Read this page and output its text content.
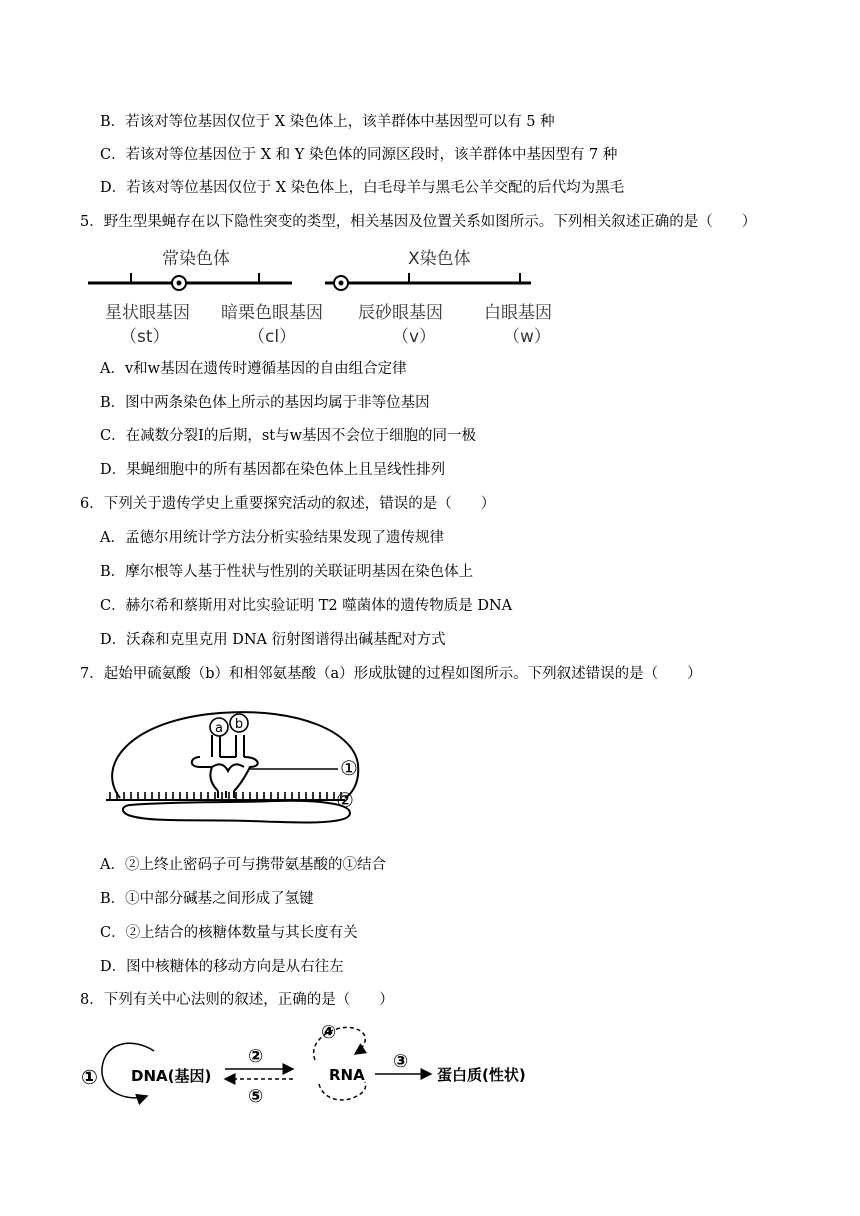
B．若该对等位基因仅位于 X 染色体上，该羊群体中基因型可以有 5 种
C．若该对等位基因位于 X 和 Y 染色体的同源区段时，该羊群体中基因型有 7 种
D．若该对等位基因仅位于 X 染色体上，白毛母羊与黑毛公羊交配的后代均为黑毛
5．野生型果蝇存在以下隐性突变的类型，相关基因及位置关系如图所示。下列相关叙述正确的是（　　）
常染色体	X染色体
星状眼基因
（st）
暗栗色眼基因
（cl）
辰砂眼基因
（v）
白眼基因
（w）
A．v和w基因在遗传时遵循基因的自由组合定律
B．图中两条染色体上所示的基因均属于非等位基因
C．在减数分裂Ⅰ的后期，st与w基因不会位于细胞的同一极
D．果蝇细胞中的所有基因都在染色体上且呈线性排列
6．下列关于遗传学史上重要探究活动的叙述，错误的是（　　）
A．孟德尔用统计学方法分析实验结果发现了遗传规律
B．摩尔根等人基于性状与性别的关联证明基因在染色体上
C．赫尔希和蔡斯用对比实验证明 T2 噬菌体的遗传物质是 DNA
D．沃森和克里克用 DNA 衍射图谱得出碱基配对方式
7．起始甲硫氨酸（b）和相邻氨基酸（a）形成肽键的过程如图所示。下列叙述错误的是（　　）
a b
①
②
A．②上终止密码子可与携带氨基酸的①结合
B．①中部分碱基之间形成了氢键
C．②上结合的核糖体数量与其长度有关
D．图中核糖体的移动方向是从右往左
8．下列有关中心法则的叙述，正确的是（　　）
① DNA(基因)
②
⑤
④
RNA
③
蛋白质(性状)
